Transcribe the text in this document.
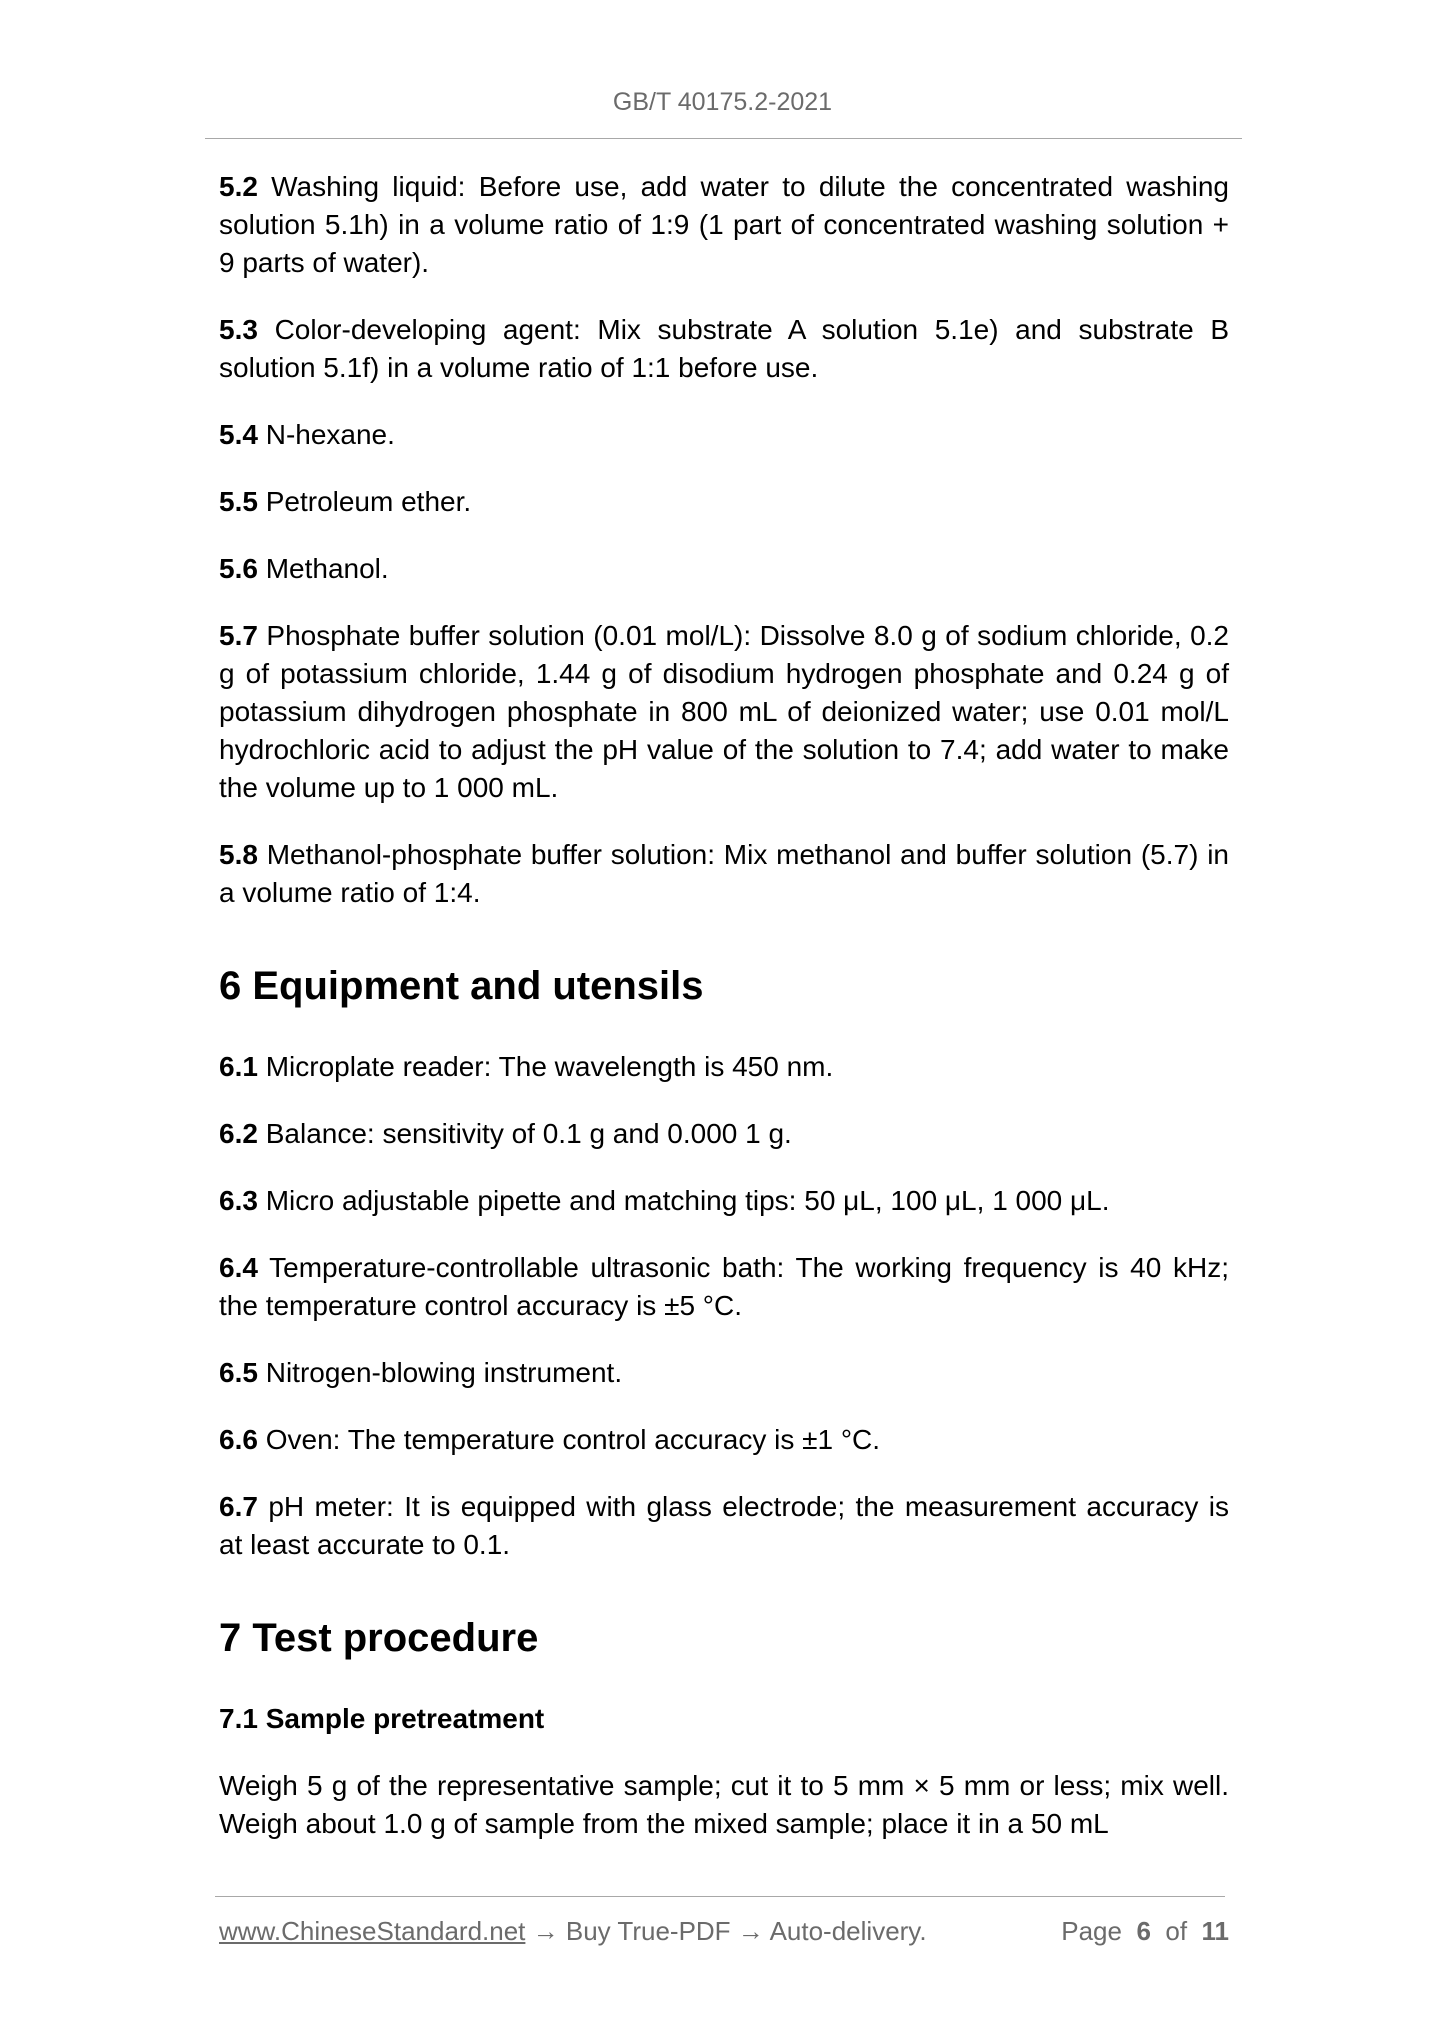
GB/T 40175.2-2021

5.2 Washing liquid: Before use, add water to dilute the concentrated washing solution 5.1h) in a volume ratio of 1:9 (1 part of concentrated washing solution + 9 parts of water).

5.3 Color-developing agent: Mix substrate A solution 5.1e) and substrate B solution 5.1f) in a volume ratio of 1:1 before use.

5.4 N-hexane.

5.5 Petroleum ether.

5.6 Methanol.

5.7 Phosphate buffer solution (0.01 mol/L): Dissolve 8.0 g of sodium chloride, 0.2 g of potassium chloride, 1.44 g of disodium hydrogen phosphate and 0.24 g of potassium dihydrogen phosphate in 800 mL of deionized water; use 0.01 mol/L hydrochloric acid to adjust the pH value of the solution to 7.4; add water to make the volume up to 1 000 mL.

5.8 Methanol-phosphate buffer solution: Mix methanol and buffer solution (5.7) in a volume ratio of 1:4.

6 Equipment and utensils

6.1 Microplate reader: The wavelength is 450 nm.

6.2 Balance: sensitivity of 0.1 g and 0.000 1 g.

6.3 Micro adjustable pipette and matching tips: 50 μL, 100 μL, 1 000 μL.

6.4 Temperature-controllable ultrasonic bath: The working frequency is 40 kHz; the temperature control accuracy is ±5 °C.

6.5 Nitrogen-blowing instrument.

6.6 Oven: The temperature control accuracy is ±1 °C.

6.7 pH meter: It is equipped with glass electrode; the measurement accuracy is at least accurate to 0.1.

7 Test procedure

7.1 Sample pretreatment

Weigh 5 g of the representative sample; cut it to 5 mm × 5 mm or less; mix well. Weigh about 1.0 g of sample from the mixed sample; place it in a 50 mL

www.ChineseStandard.net → Buy True-PDF → Auto-delivery.	Page 6 of 11
